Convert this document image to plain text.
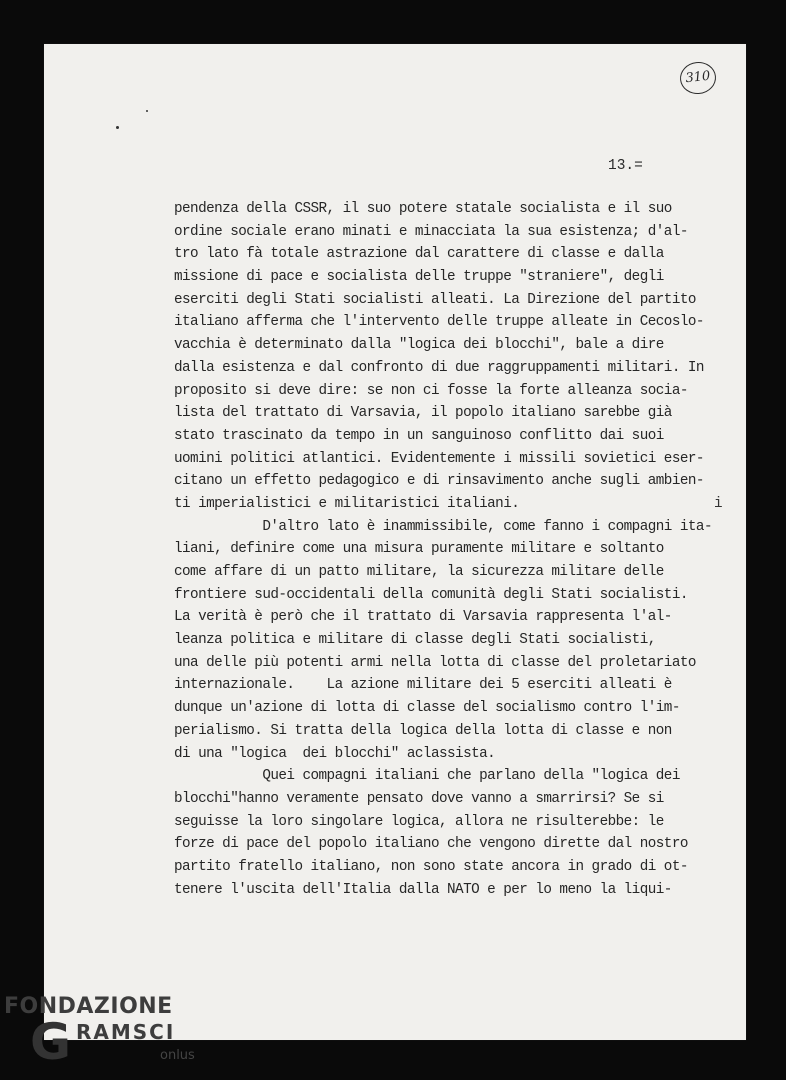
310
13.=
pendenza della CSSR, il suo potere statale socialista e il suo
ordine sociale erano minati e minacciata la sua esistenza; d'al-
tro lato fà totale astrazione dal carattere di classe e dalla
missione di pace e socialista delle truppe "straniere", degli
eserciti degli Stati socialisti alleati. La Direzione del partito
italiano afferma che l'intervento delle truppe alleate in Cecoslo-
vacchia è determinato dalla "logica dei blocchi", bale a dire
dalla esistenza e dal confronto di due raggruppamenti militari. In
proposito si deve dire: se non ci fosse la forte alleanza socia-
lista del trattato di Varsavia, il popolo italiano sarebbe già
stato trascinato da tempo in un sanguinoso conflitto dai suoi
uomini politici atlantici. Evidentemente i missili sovietici eser-
citano un effetto pedagogico e di rinsavimento anche sugli ambien-
ti imperialistici e militaristici italiani.
D'altro lato è inammissibile, come fanno i compagni ita-
liani, definire come una misura puramente militare e soltanto
come affare di un patto militare, la sicurezza militare delle
frontiere sud-occidentali della comunità degli Stati socialisti.
La verità è però che il trattato di Varsavia rappresenta l'al-
leanza politica e militare di classe degli Stati socialisti,
una delle più potenti armi nella lotta di classe del proletariato
internazionale.    La azione militare dei 5 eserciti alleati è
dunque un'azione di lotta di classe del socialismo contro l'im-
perialismo. Si tratta della logica della lotta di classe e non
di una "logica  dei blocchi" aclassista.
Quei compagni italiani che parlano della "logica dei
blocchi"hanno veramente pensato dove vanno a smarrirsi? Se si
seguisse la loro singolare logica, allora ne risulterebbe: le
forze di pace del popolo italiano che vengono dirette dal nostro
partito fratello italiano, non sono state ancora in grado di ot-
tenere l'uscita dell'Italia dalla NATO e per lo meno la liqui-
i
FONDAZIONE
G RAMSCI
onlus
